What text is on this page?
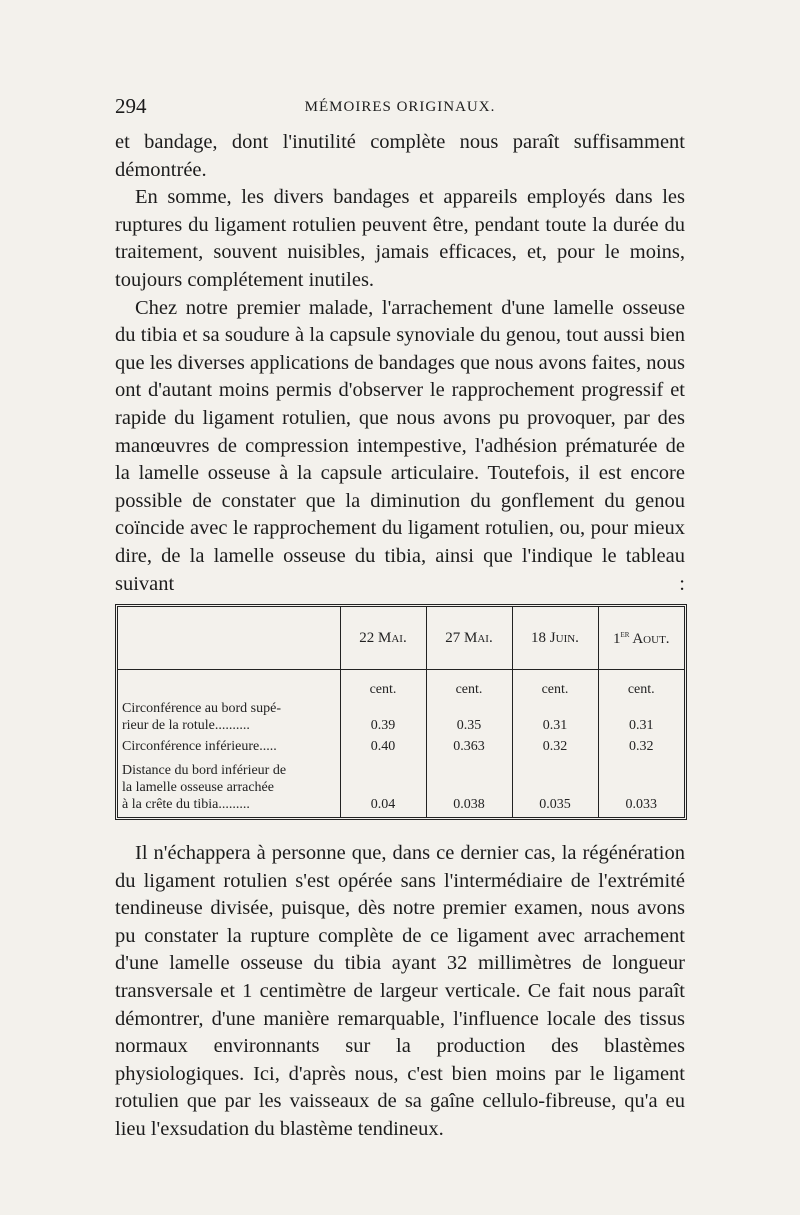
294	MÉMOIRES ORIGINAUX.

et bandage, dont l'inutilité complète nous paraît suffisamment démontrée.

En somme, les divers bandages et appareils employés dans les ruptures du ligament rotulien peuvent être, pendant toute la durée du traitement, souvent nuisibles, jamais efficaces, et, pour le moins, toujours complétement inutiles.

Chez notre premier malade, l'arrachement d'une lamelle osseuse du tibia et sa soudure à la capsule synoviale du genou, tout aussi bien que les diverses applications de bandages que nous avons faites, nous ont d'autant moins permis d'observer le rapprochement progressif et rapide du ligament rotulien, que nous avons pu provoquer, par des manœuvres de compression intempestive, l'adhésion prématurée de la lamelle osseuse à la capsule articulaire. Toutefois, il est encore possible de constater que la diminution du gonflement du genou coïncide avec le rapprochement du ligament rotulien, ou, pour mieux dire, de la lamelle osseuse du tibia, ainsi que l'indique le tableau suivant :

	22 Mai.	27 Mai.	18 Juin.	1er Aout.
	cent.	cent.	cent.	cent.

Circonférence au bord supé-
rieur de la rotule..........	0.39	0.35	0.31	0.31

Circonférence inférieure.....	0.40	0.363	0.32	0.32

Distance du bord inférieur de
la lamelle osseuse arrachée
à la crête du tibia.........	0.04	0.038	0.035	0.033

Il n'échappera à personne que, dans ce dernier cas, la régénération du ligament rotulien s'est opérée sans l'intermédiaire de l'extrémité tendineuse divisée, puisque, dès notre premier examen, nous avons pu constater la rupture complète de ce ligament avec arrachement d'une lamelle osseuse du tibia ayant 32 millimètres de longueur transversale et 1 centimètre de largeur verticale. Ce fait nous paraît démontrer, d'une manière remarquable, l'influence locale des tissus normaux environnants sur la production des blastèmes physiologiques. Ici, d'après nous, c'est bien moins par le ligament rotulien que par les vaisseaux de sa gaîne cellulo-fibreuse, qu'a eu lieu l'exsudation du blastème tendineux.
